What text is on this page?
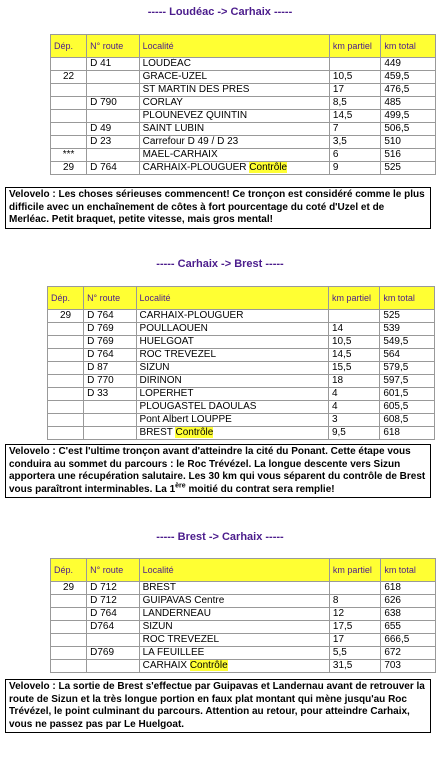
----- Loudéac -> Carhaix -----
Dép.	N° route	Localité	km partiel	km total
	D 41	LOUDÉAC		449
22		GRACE-UZEL	10,5	459,5
		ST MARTIN DES PRES	17	476,5
	D 790	CORLAY	8,5	485
		PLOUNEVEZ QUINTIN	14,5	499,5
	D 49	SAINT LUBIN	7	506,5
	D 23	Carrefour D 49 / D 23	3,5	510
***		MAEL-CARHAIX	6	516
29	D 764	CARHAIX-PLOUGUER Contrôle	9	525
Velovelo : Les choses sérieuses commencent! Ce tronçon est considéré comme le plus difficile avec un enchaînement de côtes à fort pourcentage du coté d'Uzel et de Merléac. Petit braquet, petite vitesse, mais gros mental!
----- Carhaix -> Brest -----
Dép.	N° route	Localité	km partiel	km total
29	D 764	CARHAIX-PLOUGUER		525
	D 769	POULLAOUEN	14	539
	D 769	HUELGOAT	10,5	549,5
	D 764	ROC TREVEZEL	14,5	564
	D 87	SIZUN	15,5	579,5
	D 770	DIRINON	18	597,5
	D 33	LOPERHET	4	601,5
		PLOUGASTEL DAOULAS	4	605,5
		Pont Albert LOUPPE	3	608,5
		BREST Contrôle	9,5	618
Velovelo : C'est l'ultime tronçon avant d'atteindre la cité du Ponant. Cette étape vous conduira au sommet du parcours : le Roc Trévézel. La longue descente vers Sizun apportera une récupération salutaire. Les 30 km qui vous séparent du contrôle de Brest vous paraîtront interminables. La 1ère moitié du contrat sera remplie!
----- Brest -> Carhaix -----
Dép.	N° route	Localité	km partiel	km total
29	D 712	BREST		618
	D 712	GUIPAVAS Centre	8	626
	D 764	LANDERNEAU	12	638
	D764	SIZUN	17,5	655
		ROC TREVEZEL	17	666,5
	D769	LA FEUILLEE	5,5	672
		CARHAIX Contrôle	31,5	703
Velovelo : La sortie de Brest s'effectue par Guipavas et Landernau avant de retrouver la route de Sizun et la très longue portion en faux plat montant qui mène jusqu'au Roc Trévézel, le point culminant du parcours. Attention au retour, pour atteindre Carhaix, vous ne passez pas par Le Huelgoat.
